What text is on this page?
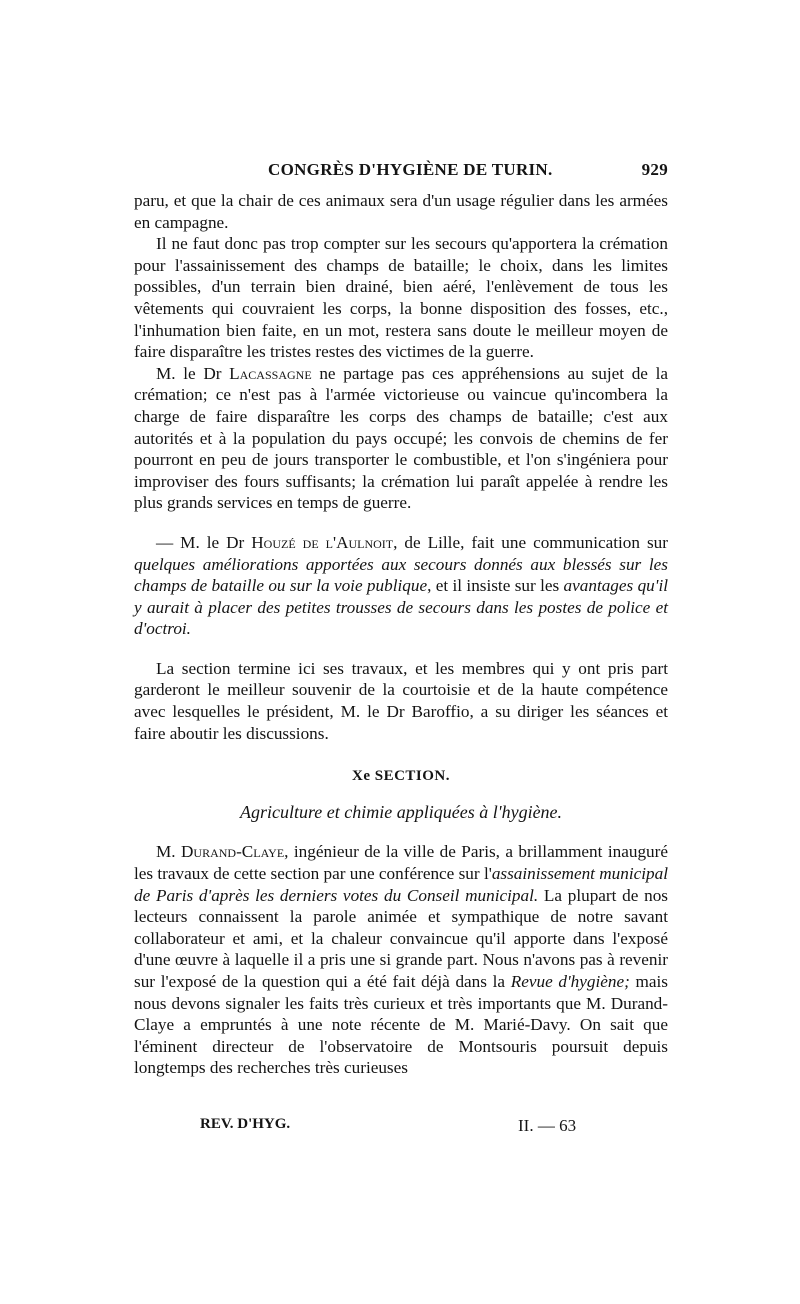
CONGRÈS D'HYGIÈNE DE TURIN.	929

paru, et que la chair de ces animaux sera d'un usage régulier dans les armées en campagne.

Il ne faut donc pas trop compter sur les secours qu'apportera la crémation pour l'assainissement des champs de bataille; le choix, dans les limites possibles, d'un terrain bien drainé, bien aéré, l'enlèvement de tous les vêtements qui couvraient les corps, la bonne disposition des fosses, etc., l'inhumation bien faite, en un mot, restera sans doute le meilleur moyen de faire disparaître les tristes restes des victimes de la guerre.

M. le Dr Lacassagne ne partage pas ces appréhensions au sujet de la crémation; ce n'est pas à l'armée victorieuse ou vaincue qu'incombera la charge de faire disparaître les corps des champs de bataille; c'est aux autorités et à la population du pays occupé; les convois de chemins de fer pourront en peu de jours transporter le combustible, et l'on s'ingéniera pour improviser des fours suffisants; la crémation lui paraît appelée à rendre les plus grands services en temps de guerre.

— M. le Dr Houzé de l'Aulnoit, de Lille, fait une communication sur quelques améliorations apportées aux secours donnés aux blessés sur les champs de bataille ou sur la voie publique, et il insiste sur les avantages qu'il y aurait à placer des petites trousses de secours dans les postes de police et d'octroi.

La section termine ici ses travaux, et les membres qui y ont pris part garderont le meilleur souvenir de la courtoisie et de la haute compétence avec lesquelles le président, M. le Dr Baroffio, a su diriger les séances et faire aboutir les discussions.

Xe SECTION.
Agriculture et chimie appliquées à l'hygiène.

M. Durand-Claye, ingénieur de la ville de Paris, a brillamment inauguré les travaux de cette section par une conférence sur l'assainissement municipal de Paris d'après les derniers votes du Conseil municipal. La plupart de nos lecteurs connaissent la parole animée et sympathique de notre savant collaborateur et ami, et la chaleur convaincue qu'il apporte dans l'exposé d'une œuvre à laquelle il a pris une si grande part. Nous n'avons pas à revenir sur l'exposé de la question qui a été fait déjà dans la Revue d'hygiène; mais nous devons signaler les faits très curieux et très importants que M. Durand-Claye a empruntés à une note récente de M. Marié-Davy. On sait que l'éminent directeur de l'observatoire de Montsouris poursuit depuis longtemps des recherches très curieuses

REV. D'HYG.	II. — 63
